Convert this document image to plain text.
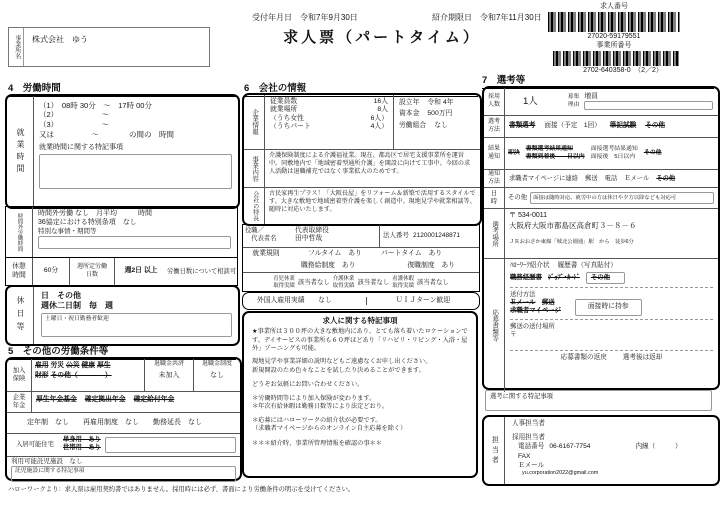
受付年月日 令和7年9月30日	紹介期限日 令和7年11月30日
事業所名	株式会社　ゆう	求人票（パートタイム）
求人番号
27020-59179551
事業所番号
2702-640358-0　（2／2）
4　労働時間
就業時間
（1）　08時 30分　～　17時 00分
（2）　　　　　　 ～
（3）　　　　　　 ～
又は　　　　　～　　　　の間の　時間
就業時間に関する特記事項
時間外労働時間 時間外労働 なし　月平均　　　時間
36協定における特別条項　なし
特別な事情・期間等
休憩時間
60分
週所定労働日数
週2日 以上	労働日数について相談可
休日等
日　その他
週休二日制　毎　週
土曜日・祝日勤務者歓迎
5　その他の労働条件等
加入保険
雇用 労災 公災 健康 厚生
財形 その他（　　　　）
退職金共済
未加入
退職金制度
なし
企業年金
厚生年金基金 確定拠出年金 確定給付年金
定年制　なし 再雇用制度　なし 勤務延長　なし
入居可能住宅
単身用―あり
世帯用―あり
利用可能託児施設　なし
託児施設に関する特記事項
ハローワークより：求人票は雇用契約書ではありません。採用時には必ず、書面により労働条件の明示を受けてください。
6　会社の情報
企業情報
従業員数	16人
就業場所	8人
（うち女性	6人）
（うちパート	4人）
設立年 令和 4年
資本金 500万円
労働組合 なし
事業内容	介護保険制度による介護福祉業。現在、都島区で居宅支援事業所を運営中。同敷地内で「地域密着型通所介護」を開設に向けて工事中。今回の求人活動は退職補充ではなく事業拡大のためです。
会社の特長	古民家再生プラス！「大阪長屋」をリフォーム＆新築で活用するスタイルです。大きな敷地で地域密着型介護を楽しく創造中。現地見学や就業相談等、随時に対応いたします。
役職／
　代表者名
代表取締役
田中哲哉
法人番号 2120001248871
就業規則	フルタイム　あり	パートタイム　あり
職務給制度　あり	復職制度　あり
育児休業
取得実績 該当者なし 介護休業
取得実績 該当者なし 看護休暇
取得実績 該当者なし
外国人雇用実績　　なし	ＵＩＪターン歓迎
求人に関する特記事項
★事業所は３００坪の大きな敷地内にあり、とても落ち着いたロケーションです。デイサービスの事業所も６０坪ほどあり「リハビリ・リビング・入浴・屋外」ゾーニングも可能。
現地見学や事業詳細の説明などもご遠慮なくお申し出ください。
新規開設のため色々なことを試したり決めることができます。
どうぞお気軽にお問い合わせください。
＊労働時間等により加入保険が変わります。
＊年次有給休暇は勤務日数等により法定どおり。
＊応募にはハローワークの紹介状が必要です。
（求職者マイページからのオンライン自主応募を除く）
＊＊＊紹介時、事業所管理情報を確認の事＊＊
7　選考等
採用
人数 1人	募集
理由
増員
選考
方法
書類選考 面接（予定　1回） 筆記試験 その他
結果
通知
即決
書類選考結果通知
書類到着後――日以内
面接選考結果通知
面接後　5日以内
その他
通知
方法 求職者マイページに連絡 郵送 電話 Ｅメール その他
日
時
その他	面接は随時対応。就労中の方は休日や夕方以降なども対応可
選考場所
〒 534-0011
大阪府大阪市都島区高倉町３－８－６
ＪＲおおさか東線「城北公園通」駅　から　徒歩6分
応募書類等
ﾊﾛｰﾜｰｸ紹介状 履歴書（写真貼付）
職務経歴書 ｼﾞｮﾌﾞ･ｶｰﾄﾞ	その他
送付方法
Ｅメール　 郵送
求職者マイページ
面接時に持参
郵送の送付場所
〒
応募書類の返戻 選考後は返却
選考に関する特記事項
担当者
人事担当者
採用担当者
電話番号 06-6167-7754	内線（　　　）
FAX
Ｅメール
yu.corporation2022@gmail.com
